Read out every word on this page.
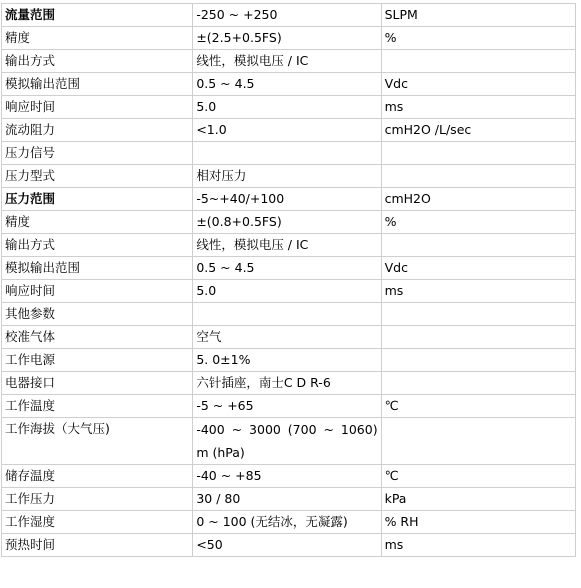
流量范围	-250 ~ +250	SLPM
精度	±(2.5+0.5FS)	%
输出方式	线性，模拟电压 / IC	
模拟输出范围	0.5 ~ 4.5	Vdc
响应时间	5.0	ms
流动阻力	<1.0	cmH2O /L/sec
压力信号		
压力型式	相对压力	
压力范围	-5~+40/+100	cmH2O
精度	±(0.8+0.5FS)	%
输出方式	线性，模拟电压 / IC	
模拟输出范围	0.5 ~ 4.5	Vdc
响应时间	5.0	ms
其他参数		
校准气体	空气	
工作电源	5. 0±1%	
电器接口	六针插座，南士C D R-6	
工作温度	-5 ~ +65	℃
工作海拔（大气压)	-400 ~ 3000 (700 ~ 1060) m (hPa)	
储存温度	-40 ~ +85	℃
工作压力	30 / 80	kPa
工作湿度	0 ~ 100 (无结冰，无凝露)	% RH
预热时间	<50	ms
